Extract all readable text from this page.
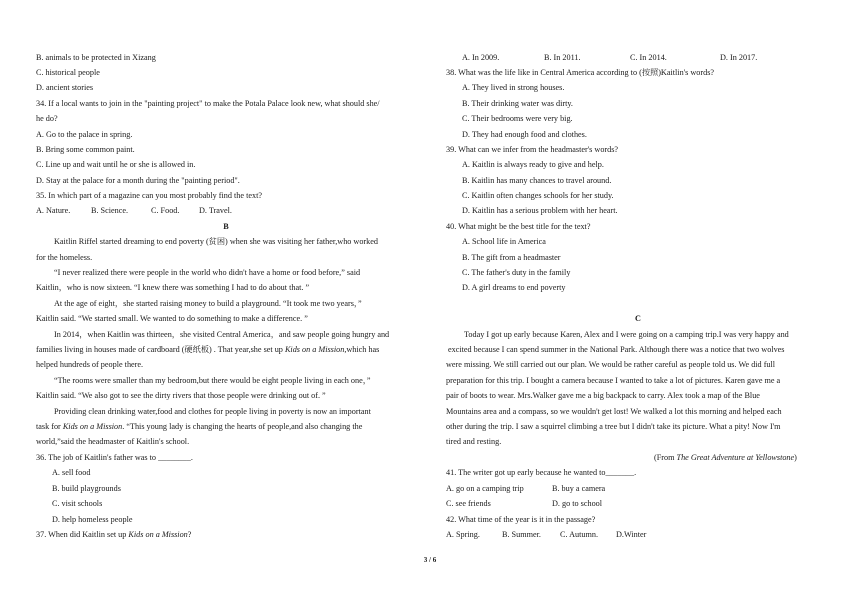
B. animals to be protected in Xizang
C. historical people
D. ancient stories
34. If a local wants to join in the "painting project" to make the Potala Palace look new, what should she/
he do?
A. Go to the palace in spring.
B. Bring some common paint.
C. Line up and wait until he or she is allowed in.
D. Stay at the palace for a month during the "painting period".
35. In which part of a magazine can you most probably find the text?
A. Nature.	B. Science.	C. Food.	D. Travel.
B
Kaitlin Riffel started dreaming to end poverty (贫困) when she was visiting her father,who worked
for the homeless.
“I never realized there were people in the world who didn't have a home or food before,” said
Kaitlin，who is now sixteen. “I knew there was something I had to do about that. ”
At the age of eight，she started raising money to build a playground. “It took me two years，”
Kaitlin said. “We started small. We wanted to do something to make a difference. ”
In 2014，when Kaitlin was thirteen，she visited Central America，and saw people going hungry and
families living in houses made of cardboard (硬纸板) . That year,she set up Kids on a Mission,which has
helped hundreds of people there.
“The rooms were smaller than my bedroom,but there would be eight people living in each one，”
Kaitlin said. “We also got to see the dirty rivers that those people were drinking out of. ”
Providing clean drinking water,food and clothes for people living in poverty is now an important
task for Kids on a Mission. “This young lady is changing the hearts of people,and also changing the
world,”said the headmaster of Kaitlin's school.
36. The job of Kaitlin's father was to ________.
A. sell food
B. build playgrounds
C. visit schools
D. help homeless people
37. When did Kaitlin set up Kids on a Mission?
A. In 2009.	B. In 2011.	C. In 2014.	D. In 2017.
38. What was the life like in Central America according to (按照)Kaitlin's words?
A. They lived in strong houses.
B. Their drinking water was dirty.
C. Their bedrooms were very big.
D. They had enough food and clothes.
39. What can we infer from the headmaster's words?
A. Kaitlin is always ready to give and help.
B. Kaitlin has many chances to travel around.
C. Kaitlin often changes schools for her study.
D. Kaitlin has a serious problem with her heart.
40. What might be the best title for the text?
A. School life in America
B. The gift from a headmaster
C. The father's duty in the family
D. A girl dreams to end poverty
C
Today I got up early because Karen, Alex and I were going on a camping trip.I was very happy and
excited because I can spend summer in the National Park. Although there was a notice that two wolves
were missing. We still carried out our plan. We would be rather careful as people told us. We did full
preparation for this trip. I bought a camera because I wanted to take a lot of pictures. Karen gave me a
pair of boots to wear. Mrs.Walker gave me a big backpack to carry. Alex took a map of the Blue
Mountains area and a compass, so we wouldn't get lost! We walked a lot this morning and helped each
other during the trip. I saw a squirrel climbing a tree but I didn't take its picture. What a pity! Now I'm
tired and resting.
(From The Great Adventure at Yellowstone)
41. The writer got up early because he wanted to_______.
A. go on a camping trip	B. buy a camera
C. see friends	D. go to school
42. What time of the year is it in the passage?
A. Spring.	B. Summer.	C. Autumn.	D.Winter
3 / 6
